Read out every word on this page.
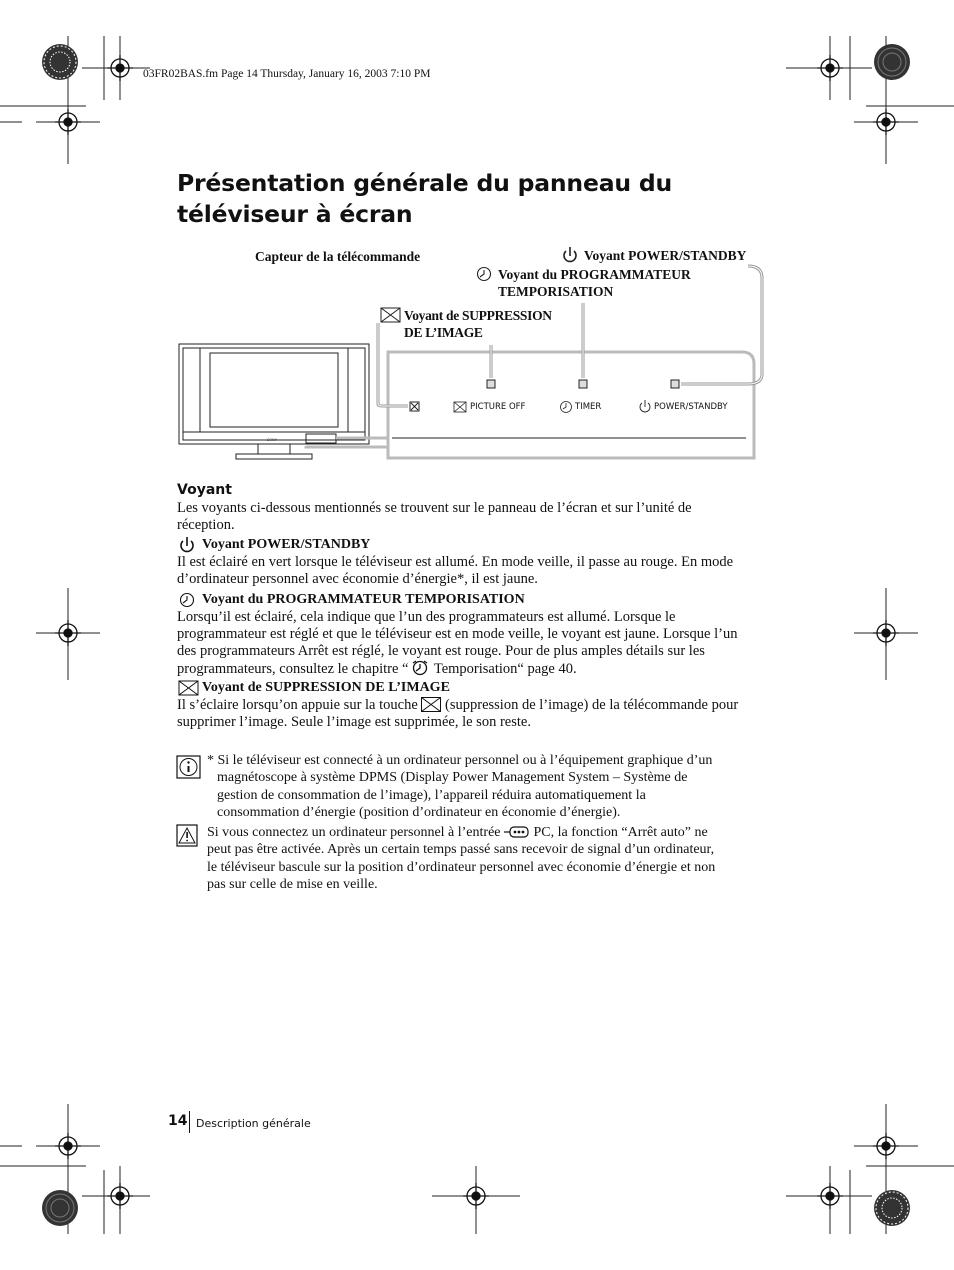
03FR02BAS.fm Page 14 Thursday, January 16, 2003 7:10 PM
Présentation générale du panneau du
téléviseur à écran
SONY
Capteur de la télécommande	Voyant POWER/STANDBY
Voyant du PROGRAMMATEUR
TEMPORISATION
Voyant de SUPPRESSION
DE L’IMAGE
PICTURE OFF	TIMER	POWER/STANDBY
Voyant
Les voyants ci-dessous mentionnés se trouvent sur le panneau de l’écran et sur l’unité de
réception.
Voyant POWER/STANDBY
Il est éclairé en vert lorsque le téléviseur est allumé. En mode veille, il passe au rouge. En mode
d’ordinateur personnel avec économie d’énergie*, il est jaune.
Voyant du PROGRAMMATEUR TEMPORISATION
Lorsqu’il est éclairé, cela indique que l’un des programmateurs est allumé. Lorsque le
programmateur est réglé et que le téléviseur est en mode veille, le voyant est jaune. Lorsque l’un
des programmateurs Arrêt est réglé, le voyant est rouge. Pour de plus amples détails sur les
programmateurs, consultez le chapitre “ Temporisation“ page 40.
Voyant de SUPPRESSION DE L’IMAGE
Il s’éclaire lorsqu’on appuie sur la touche  (suppression de l’image) de la télécommande pour
supprimer l’image. Seule l’image est supprimée, le son reste.
* Si le téléviseur est connecté à un ordinateur personnel ou à l’équipement graphique d’un
magnétoscope à système DPMS (Display Power Management System – Système de
gestion de consommation de l’image), l’appareil réduira automatiquement la
consommation d’énergie (position d’ordinateur en économie d’énergie).
Si vous connectez un ordinateur personnel à l’entrée  PC, la fonction “Arrêt auto” ne
peut pas être activée. Après un certain temps passé sans recevoir de signal d’un ordinateur,
le téléviseur bascule sur la position d’ordinateur personnel avec économie d’énergie et non
pas sur celle de mise en veille.
14 Description générale
